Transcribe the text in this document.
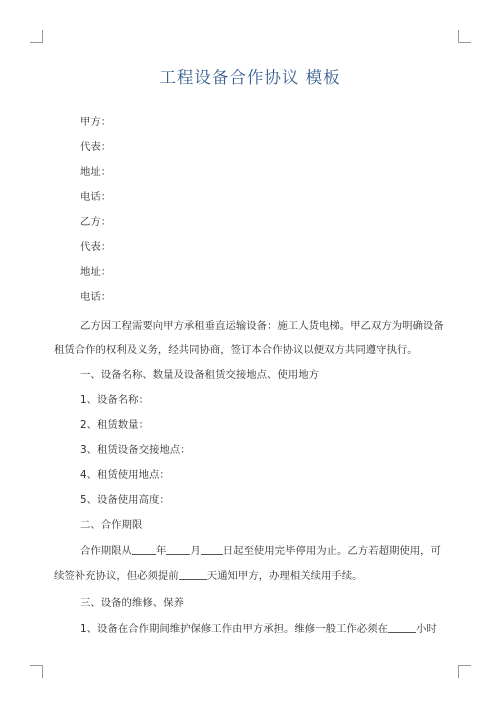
工程设备合作协议 模板
甲方：
代表：
地址：
电话：
乙方：
代表：
地址：
电话：
乙方因工程需要向甲方承租垂直运输设备：施工人货电梯。甲乙双方为明确设备
租赁合作的权利及义务，经共同协商，签订本合作协议以便双方共同遵守执行。
一、设备名称、数量及设备租赁交接地点、使用地方
1、设备名称：
2、租赁数量：
3、租赁设备交接地点：
4、租赁使用地点：
5、设备使用高度：
二、合作期限
合作期限从 年 月 日起至使用完毕停用为止。乙方若超期使用，可
续签补充协议，但必须提前	天通知甲方，办理相关续用手续。
三、设备的维修、保养
1、设备在合作期间维护保修工作由甲方承担。维修一般工作必须在	小时
